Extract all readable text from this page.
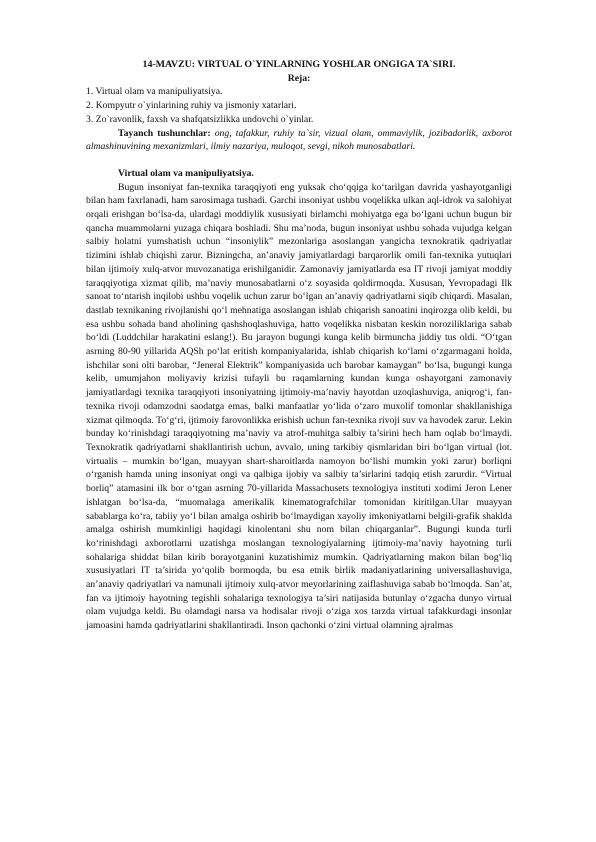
14-MAVZU: VIRTUAL O`YINLARNING YOSHLAR ONGIGA TA`SIRI.

Reja:

1. Virtual olam va manipuliyatsiya.
2. Kompyutr o`yinlarining ruhiy va jismoniy xatarlari.
3. Zo`ravonlik, faxsh va shafqatsizlikka undovchi o`yinlar.

Tayanch tushunchlar: ong, tafakkur, ruhiy ta`sir, vizual olam, ommaviylik, jozibadorlik, axborot almashinuvining mexanizmlari, ilmiy nazariya, muloqot, sevgi, nikoh munosabatlari.

Virtual olam va manipuliyatsiya.

Bugun insoniyat fan-texnika taraqqiyoti eng yuksak cho‘qqiga ko‘tarilgan davrida yashayotganligi bilan ham faxrlanadi, ham sarosimaga tushadi. Garchi insoniyat ushbu voqelikka ulkan aql-idrok va salohiyat orqali erishgan bo‘lsa-da, ulardagi moddiylik xususiyati birlamchi mohiyatga ega bo‘lgani uchun bugun bir qancha muammolarni yuzaga chiqara boshladi. Shu ma’noda, bugun insoniyat ushbu sohada vujudga kelgan salbiy holatni yumshatish uchun “insoniylik” mezonlariga asoslangan yangicha texnokratik qadriyatlar tizimini ishlab chiqishi zarur. Bizningcha, an’anaviy jamiyatlardagi barqarorlik omili fan-texnika yutuqlari bilan ijtimoiy xulq-atvor muvozanatiga erishilganidir. Zamonaviy jamiyatlarda esa IT rivoji jamiyat moddiy taraqqiyotiga xizmat qilib, ma’naviy munosabatlarni o‘z soyasida qoldirmoqda. Xususan, Yevropadagi Ilk sanoat to‘ntarish inqilobi ushbu voqelik uchun zarur bo‘lgan an’anaviy qadriyatlarni siqib chiqardi. Masalan, dastlab texnikaning rivojlanishi qo‘l mehnatiga asoslangan ishlab chiqarish sanoatini inqirozga olib keldi, bu esa ushbu sohada band aholining qashshoqlashuviga, hatto voqelikka nisbatan keskin noroziliklariga sabab bo‘ldi (Luddchilar harakatini eslang!). Bu jarayon bugungi kunga kelib birmuncha jiddiy tus oldi. “O‘tgan asrning 80-90 yillarida AQSh po‘lat eritish kompaniyalarida, ishlab chiqarish ko‘lami o‘zgarmagani holda, ishchilar soni olti barobar, “Jeneral Elektrik” kompaniyasida uch barobar kamaygan” bo‘lsa, bugungi kunga kelib, umumjahon moliyaviy krizisi tufayli bu raqamlarning kundan kunga oshayotgani zamonaviy jamiyatlardagi texnika taraqqiyoti insoniyatning ijtimoiy-ma’naviy hayotdan uzoqlashuviga, aniqrog‘i, fan-texnika rivoji odamzodni saodatga emas, balki manfaatlar yo‘lida o‘zaro muxolif tomonlar shakllanishiga xizmat qilmoqda. To‘g‘ri, ijtimoiy farovonlikka erishish uchun fan-texnika rivoji suv va havodek zarur. Lekin bunday ko‘rinishdagi taraqqiyotning ma’naviy va atrof-muhitga salbiy ta’sirini hech ham oqlab bo‘lmaydi. Texnokratik qadriyatlarni shakllantirish uchun, avvalo, uning tarkibiy qismlaridan biri bo‘lgan virtual (lot. virtualis – mumkin bo‘lgan, muayyan shart-sharoitlarda namoyon bo‘lishi mumkin yoki zarur) borliqni o‘rganish hamda uning insoniyat ongi va qalbiga ijobiy va salbiy ta’sirlarini tadqiq etish zarurdir. “Virtual borliq” atamasini ilk bor o‘tgan asrning 70-yillarida Massachusets texnologiya instituti xodimi Jeron Lener ishlatgan bo‘lsa-da, “muomalaga amerikalik kinematografchilar tomonidan kiritilgan.Ular muayyan sabablarga ko‘ra, tabiiy yo‘l bilan amalga oshirib bo‘lmaydigan xayoliy imkoniyatlarni belgili-grafik shaklda amalga oshirish mumkinligi haqidagi kinolentani shu nom bilan chiqarganlar”. Bugungi kunda turli ko‘rinishdagi axborotlarni uzatishga moslangan texnologiyalarning ijtimoiy-ma’naviy hayotning turli sohalariga shiddat bilan kirib borayotganini kuzatishimiz mumkin. Qadriyatlarning makon bilan bog‘liq xususiyatlari IT ta’sirida yo‘qolib bormoqda, bu esa etnik birlik madaniyatlarining universallashuviga, an’anaviy qadriyatlari va namunali ijtimoiy xulq-atvor meyorlarining zaiflashuviga sabab bo‘lmoqda. San’at, fan va ijtimoiy hayotning tegishli sohalariga texnologiya ta’siri natijasida butunlay o‘zgacha dunyo virtual olam vujudga keldi. Bu olamdagi narsa va hodisalar rivoji o‘ziga xos tarzda virtual tafakkurdagi insonlar jamoasini hamda qadriyatlarini shakllantiradi. Inson qachonki o‘zini virtual olamning ajralmas
